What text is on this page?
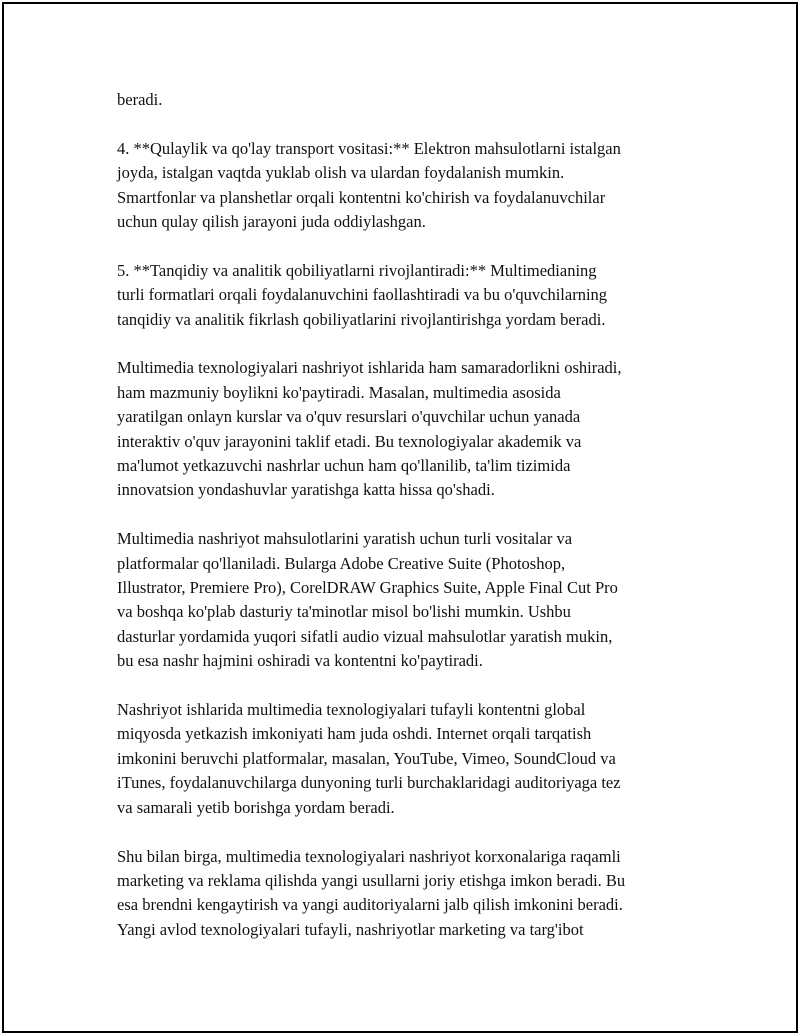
beradi.

4. **Qulaylik va qo'lay transport vositasi:** Elektron mahsulotlarni istalgan
joyda, istalgan vaqtda yuklab olish va ulardan foydalanish mumkin.
Smartfonlar va planshetlar orqali kontentni ko'chirish va foydalanuvchilar
uchun qulay qilish jarayoni juda oddiylashgan.

5. **Tanqidiy va analitik qobiliyatlarni rivojlantiradi:** Multimedianing
turli formatlari orqali foydalanuvchini faollashtiradi va bu o'quvchilarning
tanqidiy va analitik fikrlash qobiliyatlarini rivojlantirishga yordam beradi.

Multimedia texnologiyalari nashriyot ishlarida ham samaradorlikni oshiradi,
ham mazmuniy boylikni ko'paytiradi. Masalan, multimedia asosida
yaratilgan onlayn kurslar va o'quv resurslari o'quvchilar uchun yanada
interaktiv o'quv jarayonini taklif etadi. Bu texnologiyalar akademik va
ma'lumot yetkazuvchi nashrlar uchun ham qo'llanilib, ta'lim tizimida
innovatsion yondashuvlar yaratishga katta hissa qo'shadi.

Multimedia nashriyot mahsulotlarini yaratish uchun turli vositalar va
platformalar qo'llaniladi. Bularga Adobe Creative Suite (Photoshop,
Illustrator, Premiere Pro), CorelDRAW Graphics Suite, Apple Final Cut Pro
va boshqa ko'plab dasturiy ta'minotlar misol bo'lishi mumkin. Ushbu
dasturlar yordamida yuqori sifatli audio vizual mahsulotlar yaratish mukin,
bu esa nashr hajmini oshiradi va kontentni ko'paytiradi.

Nashriyot ishlarida multimedia texnologiyalari tufayli kontentni global
miqyosda yetkazish imkoniyati ham juda oshdi. Internet orqali tarqatish
imkonini beruvchi platformalar, masalan, YouTube, Vimeo, SoundCloud va
iTunes, foydalanuvchilarga dunyoning turli burchaklaridagi auditoriyaga tez
va samarali yetib borishga yordam beradi.

Shu bilan birga, multimedia texnologiyalari nashriyot korxonalariga raqamli
marketing va reklama qilishda yangi usullarni joriy etishga imkon beradi. Bu
esa brendni kengaytirish va yangi auditoriyalarni jalb qilish imkonini beradi.
Yangi avlod texnologiyalari tufayli, nashriyotlar marketing va targ'ibot
